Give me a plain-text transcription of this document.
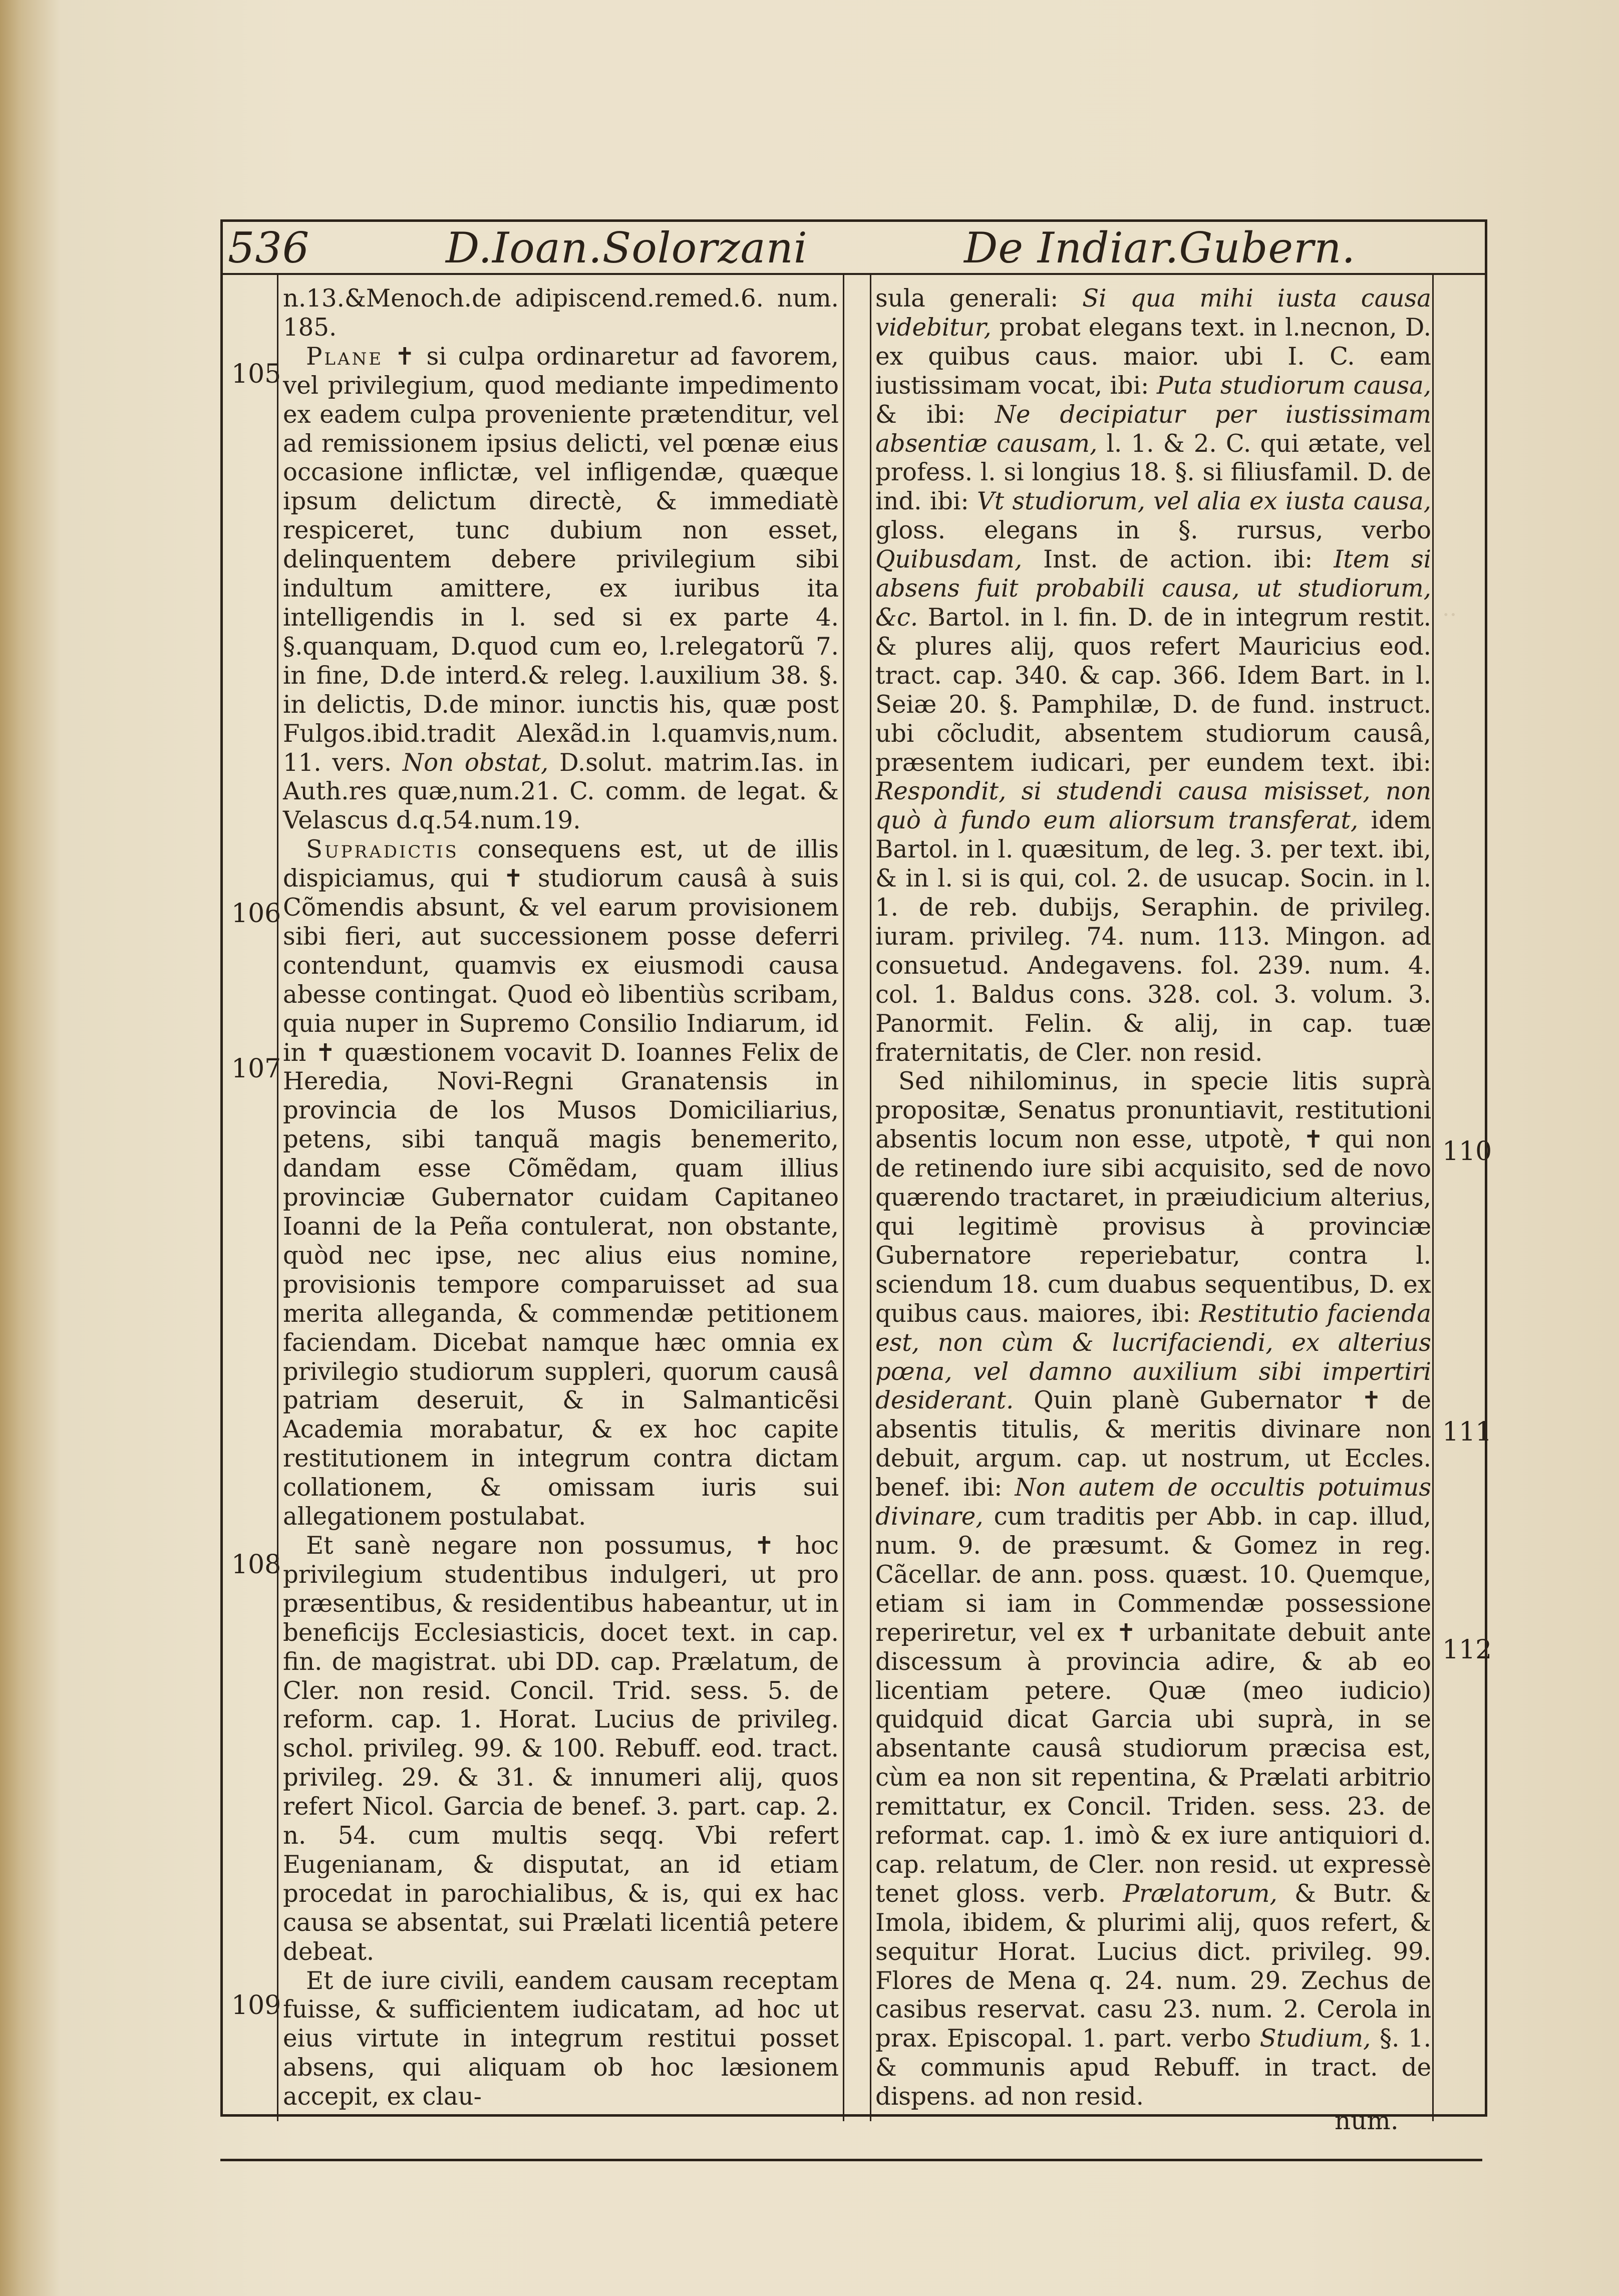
··
536	D.Ioan.Solorzani	De Indiar.Gubern.
105
106
107
108
109
110
111
112

n.13.&Menoch.de adipiscend.remed.6. num. 185.

Plane ✝ si culpa ordinaretur ad favorem, vel privilegium, quod mediante impedimento ex eadem culpa proveniente prætenditur, vel ad remissionem ipsius delicti, vel pœnæ eius occasione inflictæ, vel infligendæ, quæque ipsum delictum directè, & immediatè respiceret, tunc dubium non esset, delinquentem debere privilegium sibi indultum amittere, ex iuribus ita intelligendis in l. sed si ex parte 4. §.quanquam, D.quod cum eo, l.relegatorũ 7. in fine, D.de interd.& releg. l.auxilium 38. §. in delictis, D.de minor. iunctis his, quæ post Fulgos.ibid.tradit Alexãd.in l.quamvis,num. 11. vers. Non obstat, D.solut. matrim.Ias. in Auth.res quæ,num.21. C. comm. de legat. & Velascus d.q.54.num.19.

Supradictis consequens est, ut de illis dispiciamus, qui ✝ studiorum causâ à suis Cõmendis absunt, & vel earum provisionem sibi fieri, aut successionem posse deferri contendunt, quamvis ex eiusmodi causa abesse contingat. Quod eò libentiùs scribam, quia nuper in Supremo Consilio Indiarum, id in ✝ quæstionem vocavit D. Ioannes Felix de Heredia, Novi-Regni Granatensis in provincia de los Musos Domiciliarius, petens, sibi tanquã magis benemerito, dandam esse Cõmẽdam, quam illius provinciæ Gubernator cuidam Capitaneo Ioanni de la Peña contulerat, non obstante, quòd nec ipse, nec alius eius nomine, provisionis tempore comparuisset ad sua merita alleganda, & commendæ petitionem faciendam. Dicebat namque hæc omnia ex privilegio studiorum suppleri, quorum causâ patriam deseruit, & in Salmanticẽsi Academia morabatur, & ex hoc capite restitutionem in integrum contra dictam collationem, & omissam iuris sui allegationem postulabat.

Et sanè negare non possumus, ✝ hoc privilegium studentibus indulgeri, ut pro præsentibus, & residentibus habeantur, ut in beneficijs Ecclesiasticis, docet text. in cap. fin. de magistrat. ubi DD. cap. Prælatum, de Cler. non resid. Concil. Trid. sess. 5. de reform. cap. 1. Horat. Lucius de privileg. schol. privileg. 99. & 100. Rebuff. eod. tract. privileg. 29. & 31. & innumeri alij, quos refert Nicol. Garcia de benef. 3. part. cap. 2. n. 54. cum multis seqq. Vbi refert Eugenianam, & disputat, an id etiam procedat in parochialibus, & is, qui ex hac causa se absentat, sui Prælati licentiâ petere debeat.

Et de iure civili, eandem causam receptam fuisse, & sufficientem iudicatam, ad hoc ut eius virtute in integrum restitui posset absens, qui aliquam ob hoc læsionem accepit, ex clau-

sula generali: Si qua mihi iusta causa videbitur, probat elegans text. in l.necnon, D. ex quibus caus. maior. ubi I. C. eam iustissimam vocat, ibi: Puta studiorum causa, & ibi: Ne decipiatur per iustissimam absentiæ causam, l. 1. & 2. C. qui ætate, vel profess. l. si longius 18. §. si filiusfamil. D. de ind. ibi: Vt studiorum, vel alia ex iusta causa, gloss. elegans in §. rursus, verbo Quibusdam, Inst. de action. ibi: Item si absens fuit probabili causa, ut studiorum, &c. Bartol. in l. fin. D. de in integrum restit. & plures alij, quos refert Mauricius eod. tract. cap. 340. & cap. 366. Idem Bart. in l. Seiæ 20. §. Pamphilæ, D. de fund. instruct. ubi cõcludit, absentem studiorum causâ, præsentem iudicari, per eundem text. ibi: Respondit, si studendi causa misisset, non quò à fundo eum aliorsum transferat, idem Bartol. in l. quæsitum, de leg. 3. per text. ibi, & in l. si is qui, col. 2. de usucap. Socin. in l. 1. de reb. dubijs, Seraphin. de privileg. iuram. privileg. 74. num. 113. Mingon. ad consuetud. Andegavens. fol. 239. num. 4. col. 1. Baldus cons. 328. col. 3. volum. 3. Panormit. Felin. & alij, in cap. tuæ fraternitatis, de Cler. non resid.

Sed nihilominus, in specie litis suprà propositæ, Senatus pronuntiavit, restitutioni absentis locum non esse, utpotè, ✝ qui non de retinendo iure sibi acquisito, sed de novo quærendo tractaret, in præiudicium alterius, qui legitimè provisus à provinciæ Gubernatore reperiebatur, contra l. sciendum 18. cum duabus sequentibus, D. ex quibus caus. maiores, ibi: Restitutio facienda est, non cùm & lucrifaciendi, ex alterius pœna, vel damno auxilium sibi impertiri desiderant. Quin planè Gubernator ✝ de absentis titulis, & meritis divinare non debuit, argum. cap. ut nostrum, ut Eccles. benef. ibi: Non autem de occultis potuimus divinare, cum traditis per Abb. in cap. illud, num. 9. de præsumt. & Gomez in reg. Cãcellar. de ann. poss. quæst. 10. Quemque, etiam si iam in Commendæ possessione reperiretur, vel ex ✝ urbanitate debuit ante discessum à provincia adire, & ab eo licentiam petere. Quæ (meo iudicio) quidquid dicat Garcia ubi suprà, in se absentante causâ studiorum præcisa est, cùm ea non sit repentina, & Prælati arbitrio remittatur, ex Concil. Triden. sess. 23. de reformat. cap. 1. imò & ex iure antiquiori d. cap. relatum, de Cler. non resid. ut expressè tenet gloss. verb. Prælatorum, & Butr. & Imola, ibidem, & plurimi alij, quos refert, & sequitur Horat. Lucius dict. privileg. 99. Flores de Mena q. 24. num. 29. Zechus de casibus reservat. casu 23. num. 2. Cerola in prax. Episcopal. 1. part. verbo Studium, §. 1. & communis apud Rebuff. in tract. de dispens. ad non resid.

num.
